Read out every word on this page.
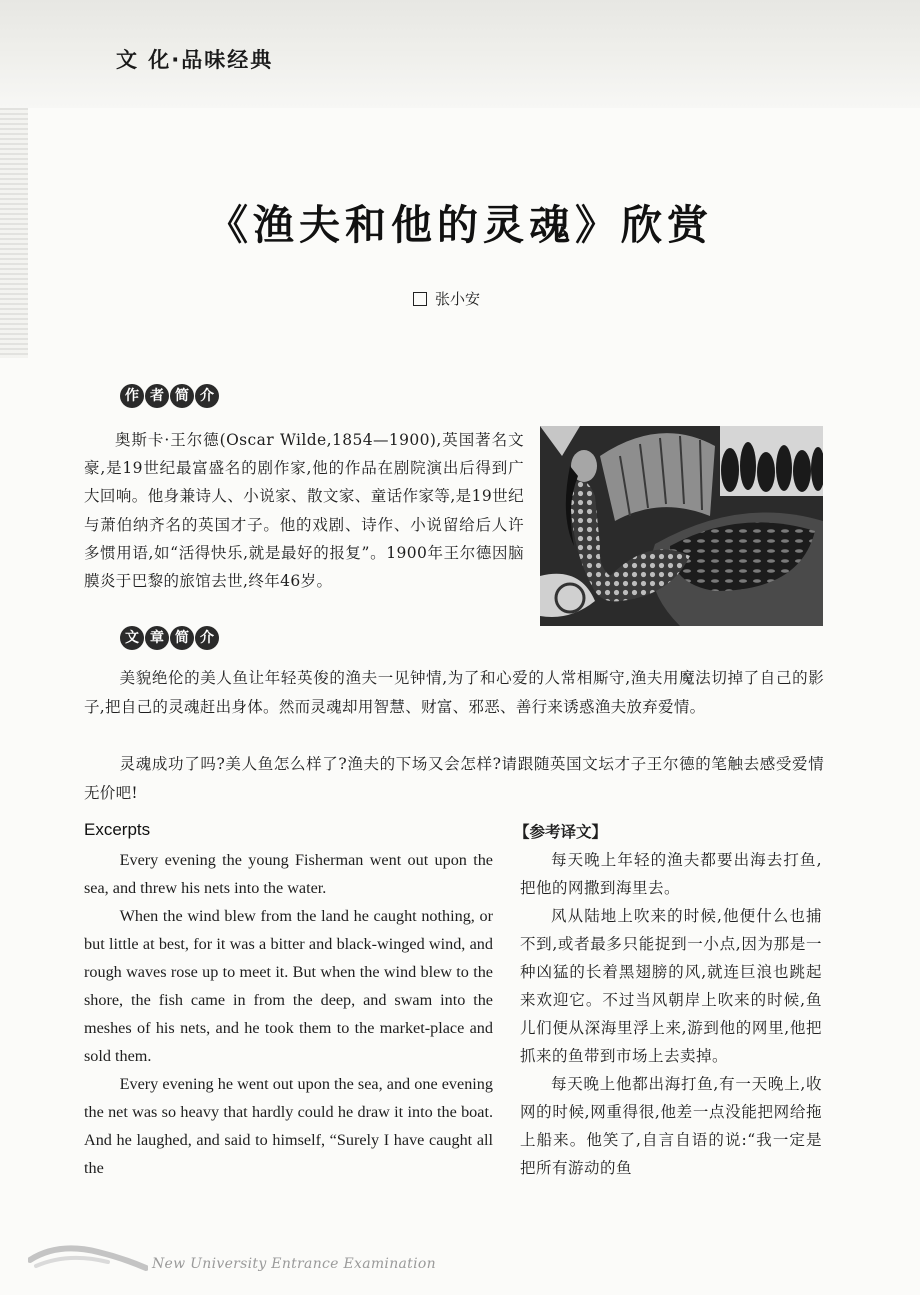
文 化·品味经典
《渔夫和他的灵魂》欣赏
张小安
作 者 简 介
奥斯卡·王尔德(Oscar Wilde,1854—1900),英国著名文豪,是19世纪最富盛名的剧作家,他的作品在剧院演出后得到广大回响。他身兼诗人、小说家、散文家、童话作家等,是19世纪与萧伯纳齐名的英国才子。他的戏剧、诗作、小说留给后人许多惯用语,如“活得快乐,就是最好的报复”。1900年王尔德因脑膜炎于巴黎的旅馆去世,终年46岁。
文 章 简 介

美貌绝伦的美人鱼让年轻英俊的渔夫一见钟情,为了和心爱的人常相厮守,渔夫用魔法切掉了自己的影子,把自己的灵魂赶出身体。然而灵魂却用智慧、财富、邪恶、善行来诱惑渔夫放弃爱情。

灵魂成功了吗?美人鱼怎么样了?渔夫的下场又会怎样?请跟随英国文坛才子王尔德的笔触去感受爱情无价吧!

Excerpts

Every evening the young Fisherman went out upon the sea, and threw his nets into the water.

When the wind blew from the land he caught nothing, or but little at best, for it was a bitter and black-winged wind, and rough waves rose up to meet it. But when the wind blew to the shore, the fish came in from the deep, and swam into the meshes of his nets, and he took them to the market-place and sold them.

Every evening he went out upon the sea, and one evening the net was so heavy that hardly could he draw it into the boat. And he laughed, and said to himself, “Surely I have caught all the

【参考译文】

每天晚上年轻的渔夫都要出海去打鱼,把他的网撒到海里去。

风从陆地上吹来的时候,他便什么也捕不到,或者最多只能捉到一小点,因为那是一种凶猛的长着黑翅膀的风,就连巨浪也跳起来欢迎它。不过当风朝岸上吹来的时候,鱼儿们便从深海里浮上来,游到他的网里,他把抓来的鱼带到市场上去卖掉。

每天晚上他都出海打鱼,有一天晚上,收网的时候,网重得很,他差一点没能把网给拖上船来。他笑了,自言自语的说:“我一定是把所有游动的鱼

New University Entrance Examination
